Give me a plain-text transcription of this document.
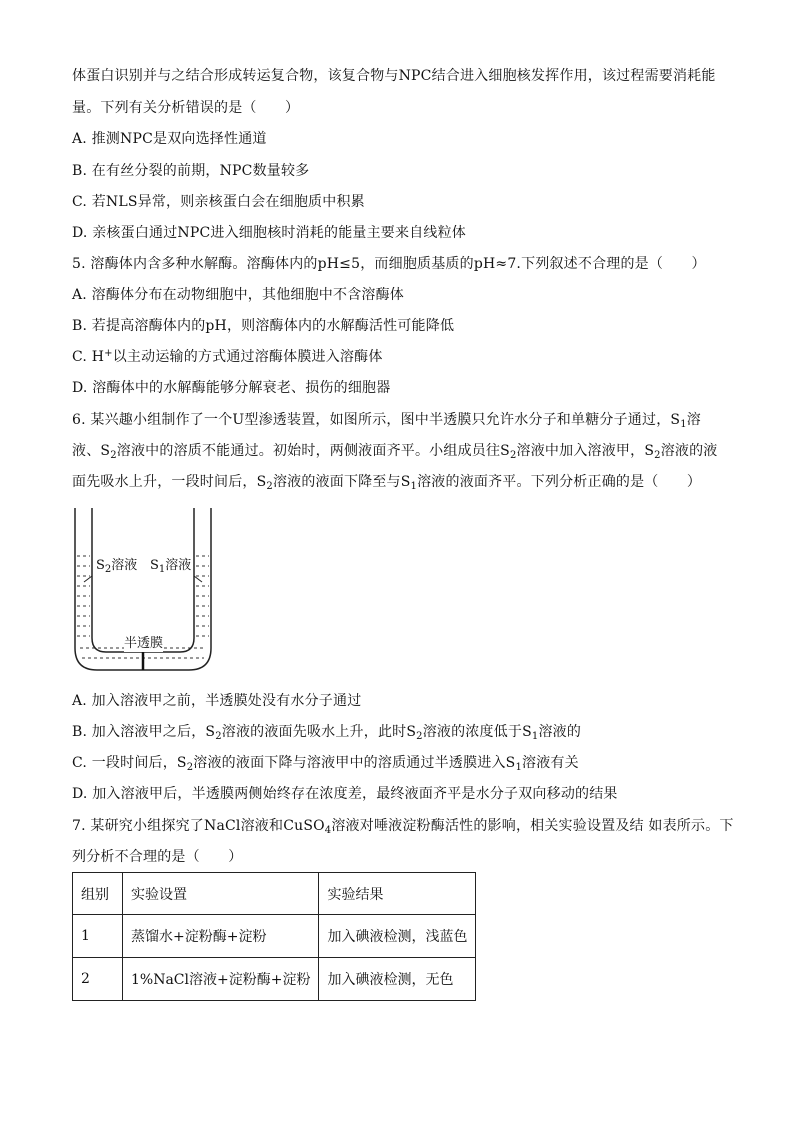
体蛋白识别并与之结合形成转运复合物，该复合物与NPC结合进入细胞核发挥作用，该过程需要消耗能
量。下列有关分析错误的是（　　）
A. 推测NPC是双向选择性通道
B. 在有丝分裂的前期，NPC数量较多
C. 若NLS异常，则亲核蛋白会在细胞质中积累
D. 亲核蛋白通过NPC进入细胞核时消耗的能量主要来自线粒体
5. 溶酶体内含多种水解酶。溶酶体内的pH≤5，而细胞质基质的pH≈7.下列叙述不合理的是（　　）
A. 溶酶体分布在动物细胞中，其他细胞中不含溶酶体
B. 若提高溶酶体内的pH，则溶酶体内的水解酶活性可能降低
C. H+以主动运输的方式通过溶酶体膜进入溶酶体
D. 溶酶体中的水解酶能够分解衰老、损伤的细胞器
6. 某兴趣小组制作了一个U型渗透装置，如图所示，图中半透膜只允许水分子和单糖分子通过，$S_1$溶
液、$S_2$溶液中的溶质不能通过。初始时，两侧液面齐平。小组成员往$S_2$溶液中加入溶液甲，$S_2$溶液的液
面先吸水上升，一段时间后，$S_2$溶液的液面下降至与$S_1$溶液的液面齐平。下列分析正确的是（　　）
$S_2$溶液 $S_1$溶液
半透膜
A. 加入溶液甲之前，半透膜处没有水分子通过
B. 加入溶液甲之后，$S_2$溶液的液面先吸水上升，此时$S_2$溶液的浓度低于$S_1$溶液的
C. 一段时间后，$S_2$溶液的液面下降与溶液甲中的溶质通过半透膜进入$S_1$溶液有关
D. 加入溶液甲后，半透膜两侧始终存在浓度差，最终液面齐平是水分子双向移动的结果
7. 某研究小组探究了NaCl溶液和CuSO$_4$溶液对唾液淀粉酶活性的影响，相关实验设置及结 如表所示。下
列分析不合理的是（　　）
组别	实验设置	实验结果
1	蒸馏水+淀粉酶+淀粉	加入碘液检测，浅蓝色
2	1%NaCl溶液+淀粉酶+淀粉	加入碘液检测，无色
